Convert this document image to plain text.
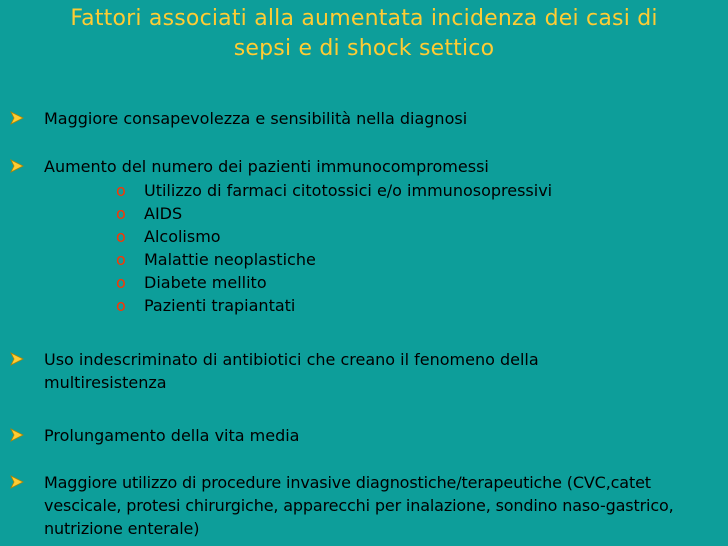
Fattori associati alla aumentata incidenza dei casi di
sepsi e di shock settico
Maggiore consapevolezza e sensibilità nella diagnosi
Aumento del numero dei pazienti immunocompromessi
o Utilizzo di farmaci citotossici e/o immunosopressivi
o AIDS
o Alcolismo
o Malattie neoplastiche
o Diabete mellito
o Pazienti trapiantati
Uso indescriminato di antibiotici che creano il fenomeno della multiresistenza
Prolungamento della vita media
Maggiore utilizzo di procedure invasive diagnostiche/terapeutiche (CVC,catet vescicale, protesi chirurgiche, apparecchi per inalazione, sondino naso-gastrico, nutrizione enterale)
